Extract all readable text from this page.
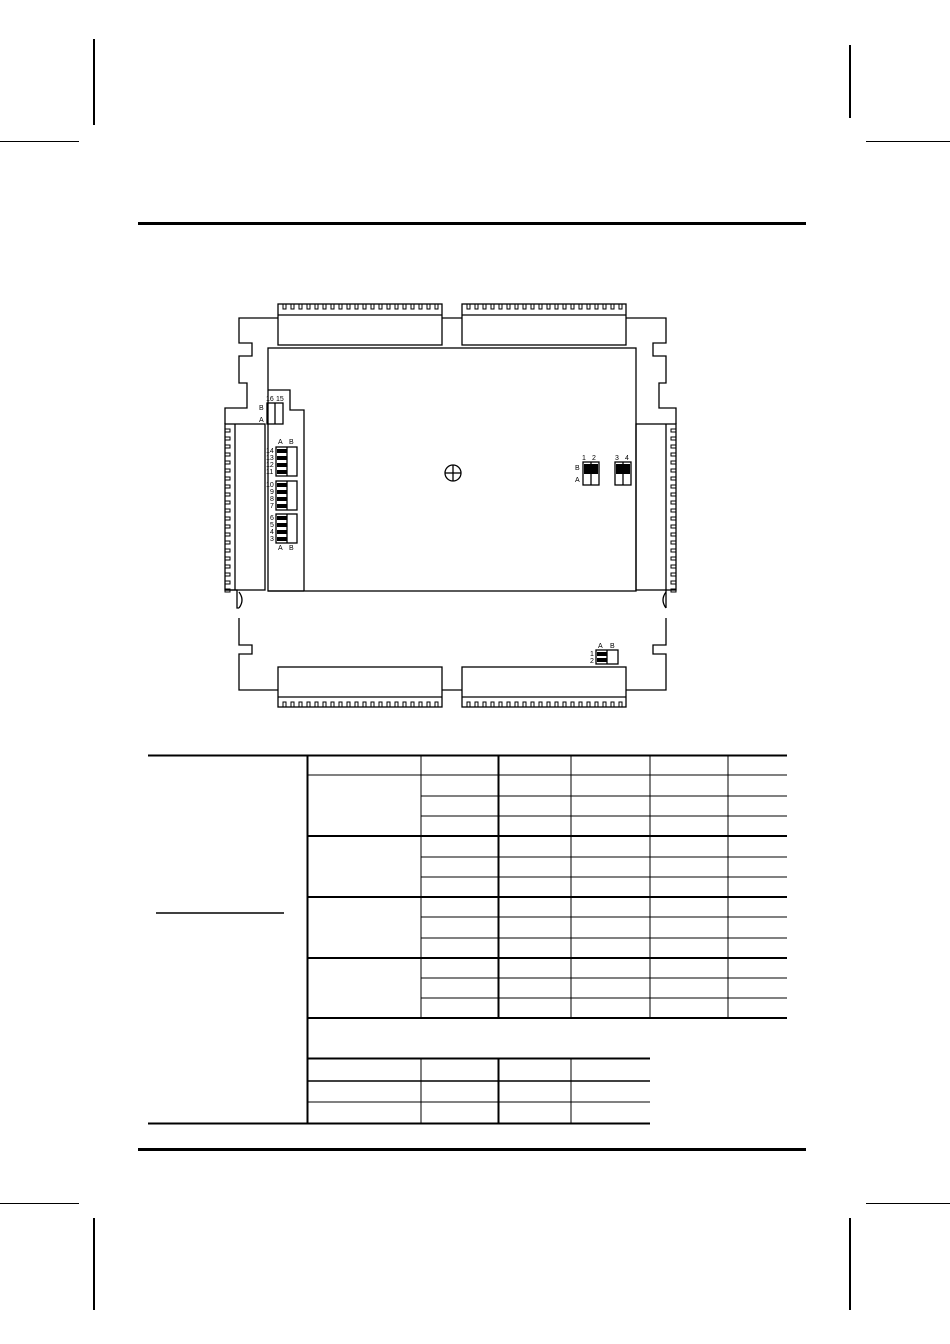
16 15
B
A
A B
14
13
12
11
10
9
8
7
6
5
4
3
A B
1 2	3 4
B
A
A B
1
2
